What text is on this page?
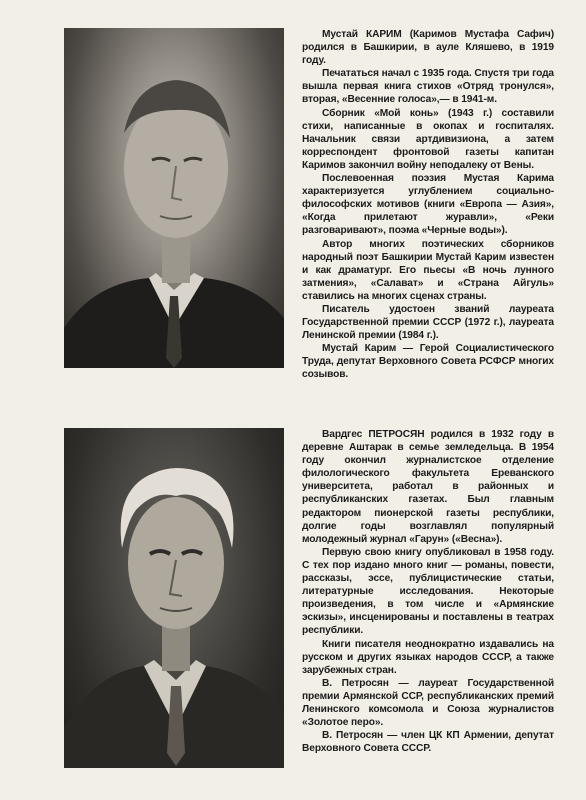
Мустай КАРИМ (Каримов Мустафа Сафич) родился в Башкирии, в ауле Кляшево, в 1919 году.

Печататься начал с 1935 года. Спустя три года вышла первая книга стихов «Отряд тронулся», вторая, «Весенние голоса»,— в 1941-м.

Сборник «Мой конь» (1943 г.) составили стихи, написанные в окопах и госпиталях. Начальник связи артдивизиона, а затем корреспондент фронтовой газеты капитан Каримов закончил войну неподалеку от Вены.

Послевоенная поэзия Мустая Карима характеризуется углублением социально-философских мотивов (книги «Европа — Азия», «Когда прилетают журавли», «Реки разговаривают», поэма «Черные воды»).

Автор многих поэтических сборников народный поэт Башкирии Мустай Карим известен и как драматург. Его пьесы «В ночь лунного затмения», «Салават» и «Страна Айгуль» ставились на многих сценах страны.

Писатель удостоен званий лауреата Государственной премии СССР (1972 г.), лауреата Ленинской премии (1984 г.).

Мустай Карим — Герой Социалистического Труда, депутат Верховного Совета РСФСР многих созывов.

Вардгес ПЕТРОСЯН родился в 1932 году в деревне Аштарак в семье земледельца. В 1954 году окончил журналистское отделение филологического факультета Ереванского университета, работал в районных и республиканских газетах. Был главным редактором пионерской газеты республики, долгие годы возглавлял популярный молодежный журнал «Гарун» («Весна»).

Первую свою книгу опубликовал в 1958 году. С тех пор издано много книг — романы, повести, рассказы, эссе, публицистические статьи, литературные исследования. Некоторые произведения, в том числе и «Армянские эскизы», инсценированы и поставлены в театрах республики.

Книги писателя неоднократно издавались на русском и других языках народов СССР, а также зарубежных стран.

В. Петросян — лауреат Государственной премии Армянской ССР, республиканских премий Ленинского комсомола и Союза журналистов «Золотое перо».

В. Петросян — член ЦК КП Армении, депутат Верховного Совета СССР.
